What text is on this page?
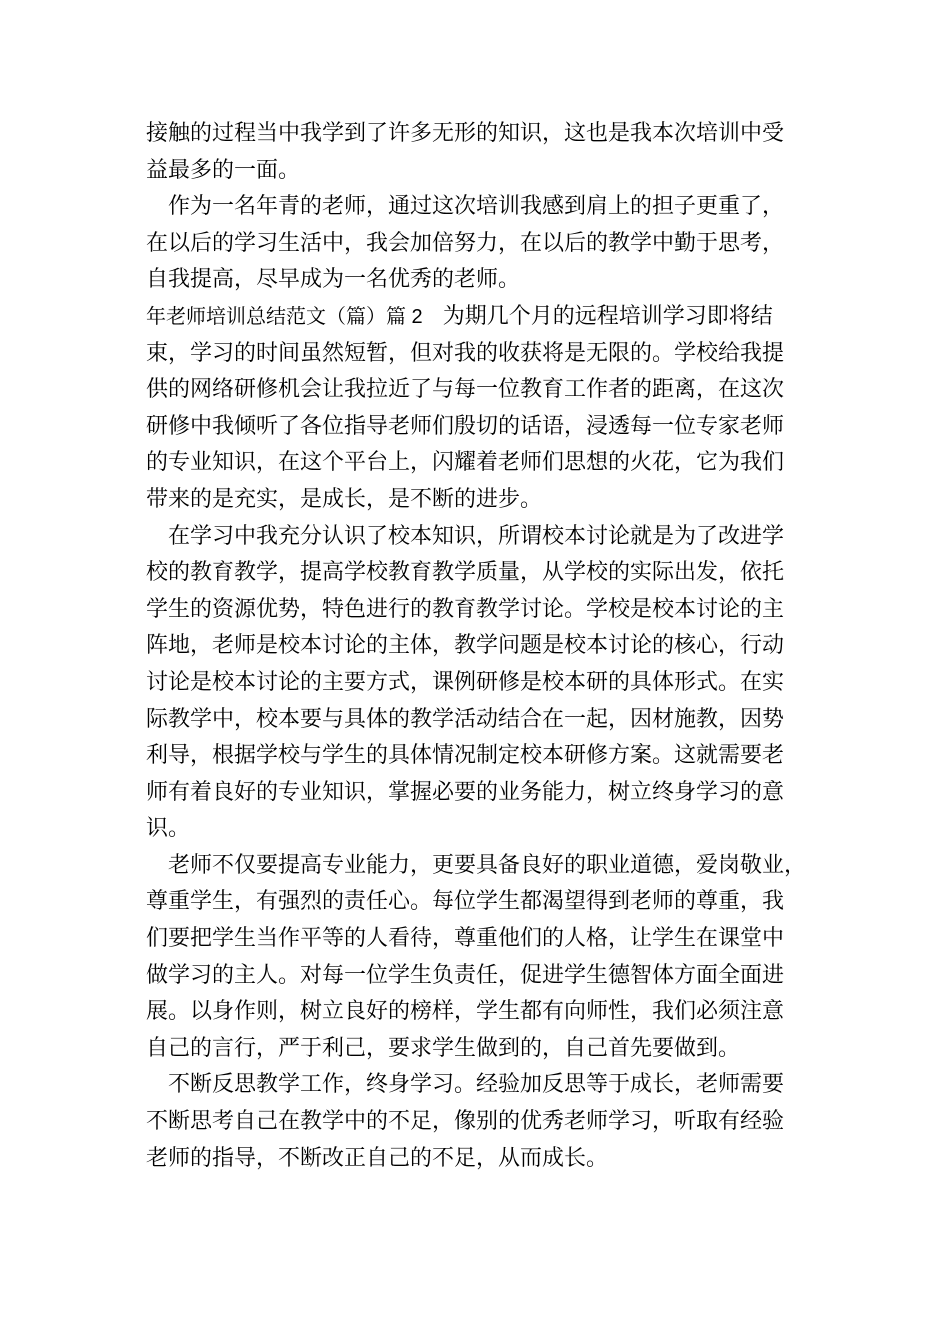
接触的过程当中我学到了许多无形的知识，这也是我本次培训中受
益最多的一面。
作为一名年青的老师，通过这次培训我感到肩上的担子更重了，
在以后的学习生活中，我会加倍努力，在以后的教学中勤于思考，
自我提高，尽早成为一名优秀的老师。
年老师培训总结范文（篇）篇 2 为期几个月的远程培训学习即将结
束，学习的时间虽然短暂，但对我的收获将是无限的。学校给我提
供的网络研修机会让我拉近了与每一位教育工作者的距离，在这次
研修中我倾听了各位指导老师们殷切的话语，浸透每一位专家老师
的专业知识，在这个平台上，闪耀着老师们思想的火花，它为我们
带来的是充实，是成长，是不断的进步。
在学习中我充分认识了校本知识，所谓校本讨论就是为了改进学
校的教育教学，提高学校教育教学质量，从学校的实际出发，依托
学生的资源优势，特色进行的教育教学讨论。学校是校本讨论的主
阵地，老师是校本讨论的主体，教学问题是校本讨论的核心，行动
讨论是校本讨论的主要方式，课例研修是校本研的具体形式。在实
际教学中，校本要与具体的教学活动结合在一起，因材施教，因势
利导，根据学校与学生的具体情况制定校本研修方案。这就需要老
师有着良好的专业知识，掌握必要的业务能力，树立终身学习的意
识。
老师不仅要提高专业能力，更要具备良好的职业道德，爱岗敬业，
尊重学生，有强烈的责任心。每位学生都渴望得到老师的尊重，我
们要把学生当作平等的人看待，尊重他们的人格，让学生在课堂中
做学习的主人。对每一位学生负责任，促进学生德智体方面全面进
展。以身作则，树立良好的榜样，学生都有向师性，我们必须注意
自己的言行，严于利己，要求学生做到的，自己首先要做到。
不断反思教学工作，终身学习。经验加反思等于成长，老师需要
不断思考自己在教学中的不足，像别的优秀老师学习，听取有经验
老师的指导，不断改正自己的不足，从而成长。
